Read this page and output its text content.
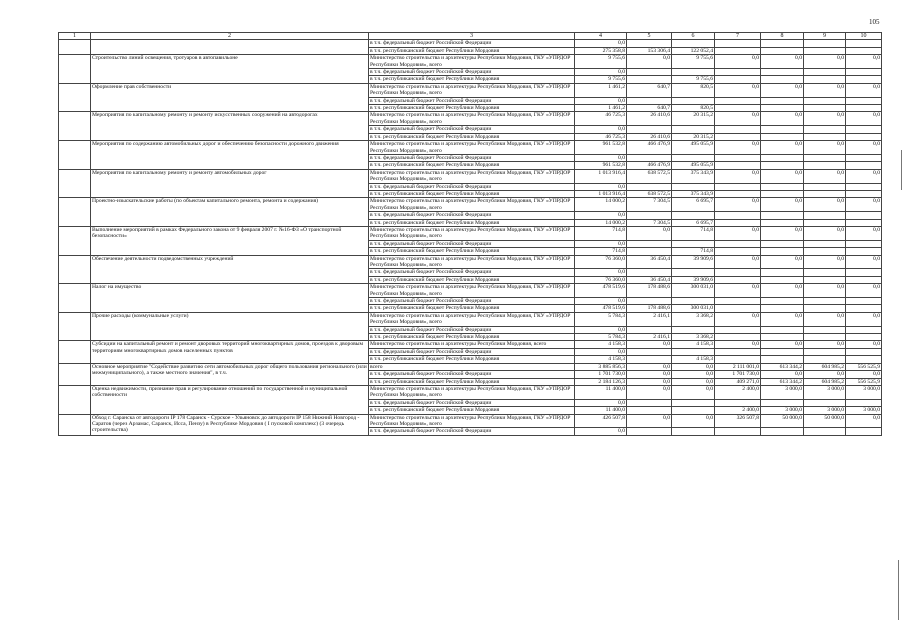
105
1	2	3	4	5	6	7	8	9	10
		в т.ч. федеральный бюджет Российской Федерации	0,0						
		в т.ч. республиканский бюджет Республики Мордовия	275 358,8	153 306,4	122 052,4				
	Строительство линий освещения, тротуаров в автопавильоне	Министерство строительства и архитектуры Республики Мордовия, ГКУ «УПРДОР Республики Мордовия», всего	9 755,6	0,0	9 755,6	0,0	0,0	0,0	0,0
		в т.ч. федеральный бюджет Российской Федерации	0,0						
		в т.ч. республиканский бюджет Республики Мордовия	9 755,6		9 755,6				
	Оформление прав собственности	Министерство строительства и архитектуры Республики Мордовия, ГКУ «УПРДОР Республики Мордовия», всего	1 461,2	640,7	820,5	0,0	0,0	0,0	0,0
		в т.ч. федеральный бюджет Российской Федерации	0,0						
		в т.ч. республиканский бюджет Республики Мордовия	1 461,2	640,7	820,5				
	Мероприятия по капитальному ремонту и ремонту искусственных сооружений на автодорогах	Министерство строительства и архитектуры Республики Мордовия, ГКУ «УПРДОР Республики Мордовия», всего	46 725,3	26 410,6	20 315,2	0,0	0,0	0,0	0,0
		в т.ч. федеральный бюджет Российской Федерации	0,0						
		в т.ч. республиканский бюджет Республики Мордовия	46 725,3	26 410,6	20 315,2				
	Мероприятия по содержанию автомобильных дорог и обеспечению безопасности дорожного движения	Министерство строительства и архитектуры Республики Мордовия, ГКУ «УПРДОР Республики Мордовия», всего	961 532,8	466 476,9	495 055,9	0,0	0,0	0,0	0,0
		в т.ч. федеральный бюджет Российской Федерации	0,0						
		в т.ч. республиканский бюджет Республики Мордовия	961 532,8	466 476,9	495 055,9				
	Мероприятия по капитальному ремонту и ремонту автомобильных дорог	Министерство строительства и архитектуры Республики Мордовия, ГКУ «УПРДОР Республики Мордовия», всего	1 013 916,4	638 572,5	375 343,9	0,0	0,0	0,0	0,0
		в т.ч. федеральный бюджет Российской Федерации	0,0						
		в т.ч. республиканский бюджет Республики Мордовия	1 013 916,4	638 572,5	375 343,9				
	Проектно-изыскательские работы (по объектам капитального ремонта, ремонта и содержания)	Министерство строительства и архитектуры Республики Мордовия, ГКУ «УПРДОР Республики Мордовия», всего	14 000,2	7 304,5	6 695,7	0,0	0,0	0,0	0,0
		в т.ч. федеральный бюджет Российской Федерации	0,0						
		в т.ч. республиканский бюджет Республики Мордовия	14 000,2	7 304,5	6 695,7				
	Выполнение мероприятий в рамках Федерального закона от 9 февраля 2007 г. №16-ФЗ «О транспортной безопасности»	Министерство строительства и архитектуры Республики Мордовия, ГКУ «УПРДОР Республики Мордовия», всего	714,8	0,0	714,8	0,0	0,0	0,0	0,0
		в т.ч. федеральный бюджет Российской Федерации	0,0						
		в т.ч. республиканский бюджет Республики Мордовия	714,8		714,8				
	Обеспечение деятельности подведомственных учреждений	Министерство строительства и архитектуры Республики Мордовия, ГКУ «УПРДОР Республики Мордовия», всего	76 360,0	36 450,4	39 909,6	0,0	0,0	0,0	0,0
		в т.ч. федеральный бюджет Российской Федерации	0,0						
		в т.ч. республиканский бюджет Республики Мордовия	76 360,0	36 450,4	39 909,6				
	Налог на имущество	Министерство строительства и архитектуры Республики Мордовия, ГКУ «УПРДОР Республики Мордовия», всего	478 519,6	178 488,6	300 031,0	0,0	0,0	0,0	0,0
		в т.ч. федеральный бюджет Российской Федерации	0,0						
		в т.ч. республиканский бюджет Республики Мордовия	478 519,6	178 488,6	300 031,0				
	Прочие расходы (коммунальные услуги)	Министерство строительства и архитектуры Республики Мордовия, ГКУ «УПРДОР Республики Мордовия», всего	5 784,3	2 416,1	3 368,2	0,0	0,0	0,0	0,0
		в т.ч. федеральный бюджет Российской Федерации	0,0						
		в т.ч. республиканский бюджет Республики Мордовия	5 784,3	2 416,1	3 368,2				
	Субсидии на капитальный ремонт и ремонт дворовых территорий многоквартирных домов, проездов к дворовым территориям многоквартирных домов населенных пунктов	Министерство строительства и архитектуры Республики Мордовия, всего	4 158,3	0,0	4 158,3	0,0	0,0	0,0	0,0
		в т.ч. федеральный бюджет Российской Федерации	0,0						
		в т.ч. республиканский бюджет Республики Мордовия	4 158,3		4 158,3				
	Основное мероприятие "Содействие развитию сети автомобильных дорог общего пользования регионального (или межмуниципального), а также местного значения", в т.ч.	всего	3 885 856,3	0,0	0,0	2 111 001,0	613 344,2	604 985,2	556 525,9
		в т.ч. федеральный бюджет Российской Федерации	1 701 730,0	0,0	0,0	1 701 730,0	0,0	0,0	0,0
		в т.ч. республиканский бюджет Республики Мордовия	2 184 126,3	0,0	0,0	409 271,0	613 344,2	604 985,2	556 525,9
	Оценка недвижимости, признание прав и регулирование отношений по государственной и муниципальной собственности	Министерство строительства и архитектуры Республики Мордовия, ГКУ «УПРДОР Республики Мордовия», всего	11 400,0	0,0	0,0	2 400,0	3 000,0	3 000,0	3 000,0
		в т.ч. федеральный бюджет Российской Федерации	0,0						
		в т.ч. республиканский бюджет Республики Мордовия	11 400,0			2 400,0	3 000,0	3 000,0	3 000,0
	Обход г. Саранска от автодороги IP 178 Саранск - Сурское - Ульяновск до автодороги IP 158 Нижний Новгород - Саратов (через Арзамас, Саранск, Исса, Пензу) в Республике Мордовия ( I пусковой комплекс) (3 очередь строительства)	Министерство строительства и архитектуры Республики Мордовия, ГКУ «УПРДОР Республики Мордовия», всего	426 507,8	0,0	0,0	326 507,8	50 000,0	50 000,0	0,0
		в т.ч. федеральный бюджет Российской Федерации	0,0						
